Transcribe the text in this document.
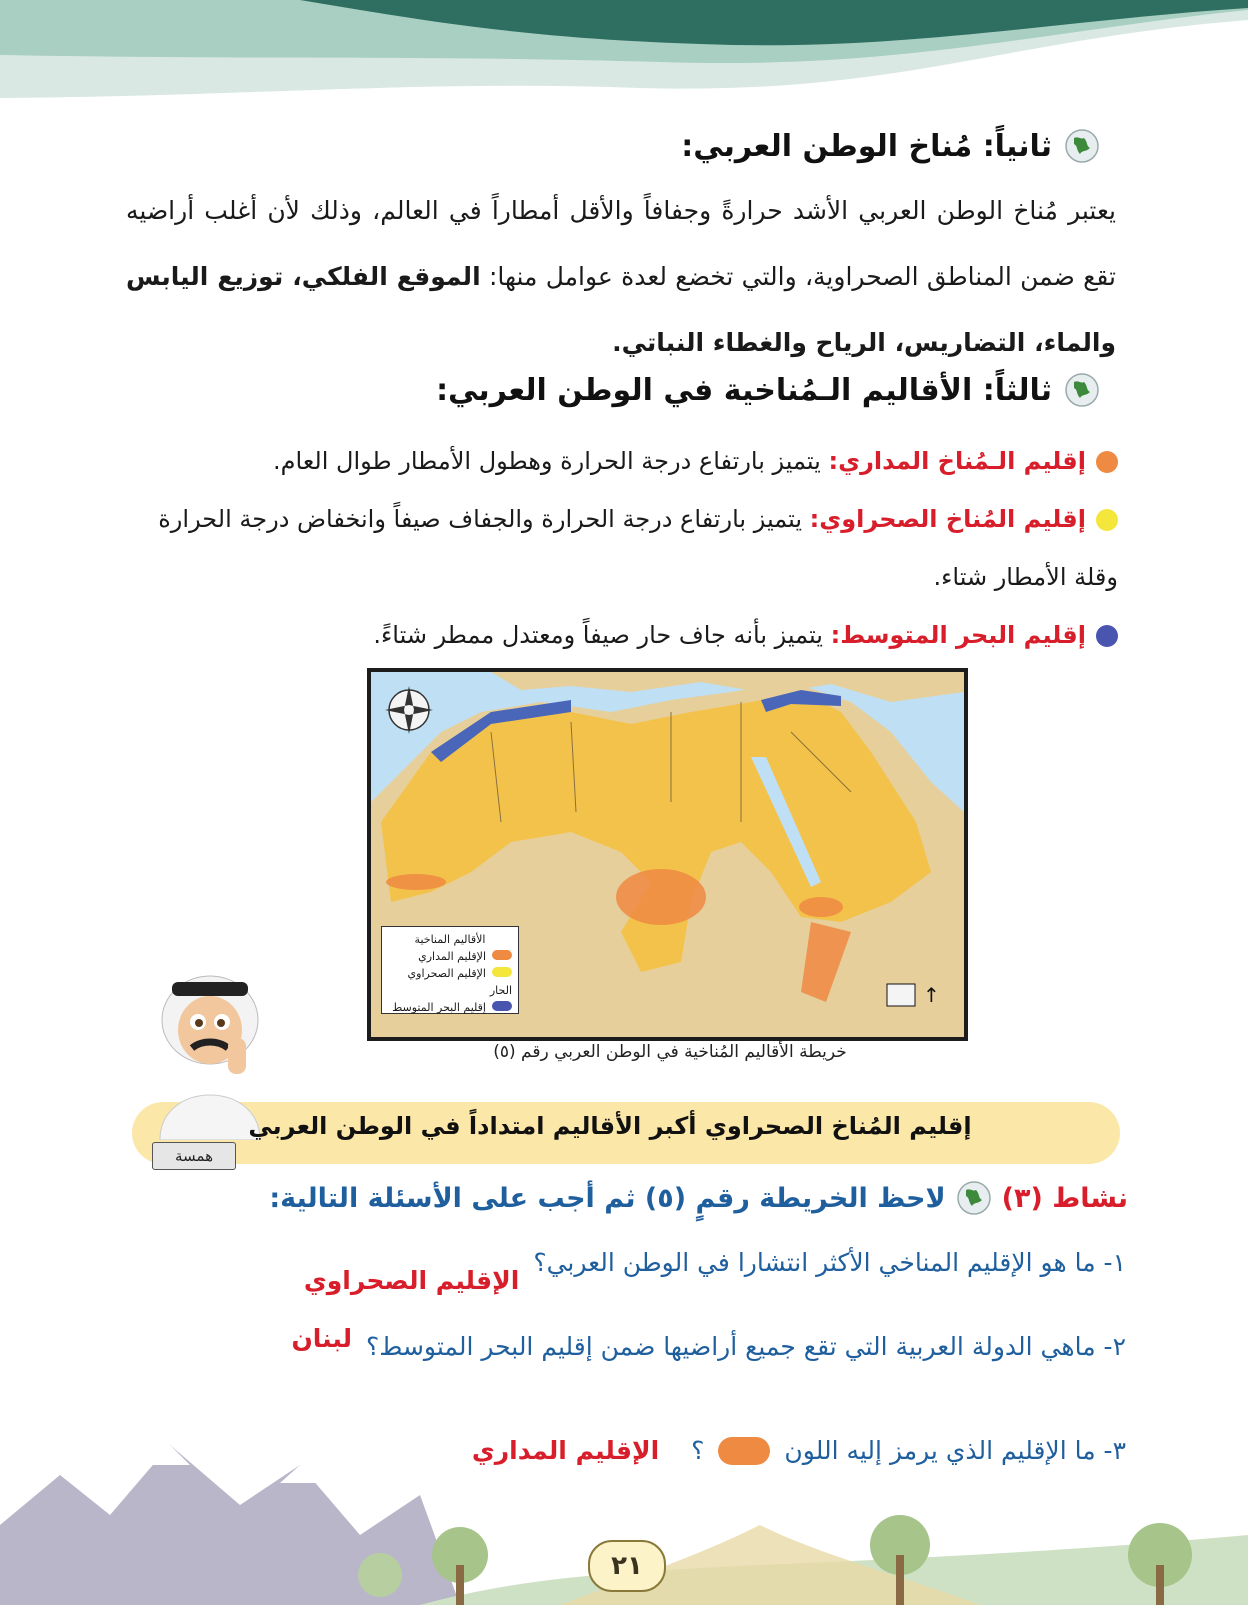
ثانياً: مُناخ الوطن العربي:
يعتبر مُناخ الوطن العربي الأشد حرارةً وجفافاً والأقل أمطاراً في العالم، وذلك لأن أغلب أراضيه تقع ضمن المناطق الصحراوية، والتي تخضع لعدة عوامل منها: الموقع الفلكي، توزيع اليابس والماء، التضاريس، الرياح والغطاء النباتي.
ثالثاً: الأقاليم الـمُناخية في الوطن العربي:
إقليم الـمُناخ المداري: يتميز بارتفاع درجة الحرارة وهطول الأمطار طوال العام.
إقليم المُناخ الصحراوي: يتميز بارتفاع درجة الحرارة والجفاف صيفاً وانخفاض درجة الحرارة وقلة الأمطار شتاء.
إقليم البحر المتوسط: يتميز بأنه جاف حار صيفاً ومعتدل ممطر شتاءً.
↑
الأقاليم المناخية
الإقليم المداري
الإقليم الصحراوي الحار
إقليم البحر المتوسط
خريطة الأقاليم المُناخية في الوطن العربي رقم (٥)
إقليم المُناخ الصحراوي أكبر الأقاليم امتداداً في الوطن العربي
همسة
نشاط (٣)
لاحظ الخريطة رقمٍ (٥) ثم أجب على الأسئلة التالية:
١- ما هو الإقليم المناخي الأكثر انتشارا في الوطن العربي؟
الإقليم الصحراوي
٢- ماهي الدولة العربية التي تقع جميع أراضيها ضمن إقليم البحر المتوسط؟
لبنان
٣- ما الإقليم الذي يرمز إليه اللون
؟
الإقليم المداري
٢١
